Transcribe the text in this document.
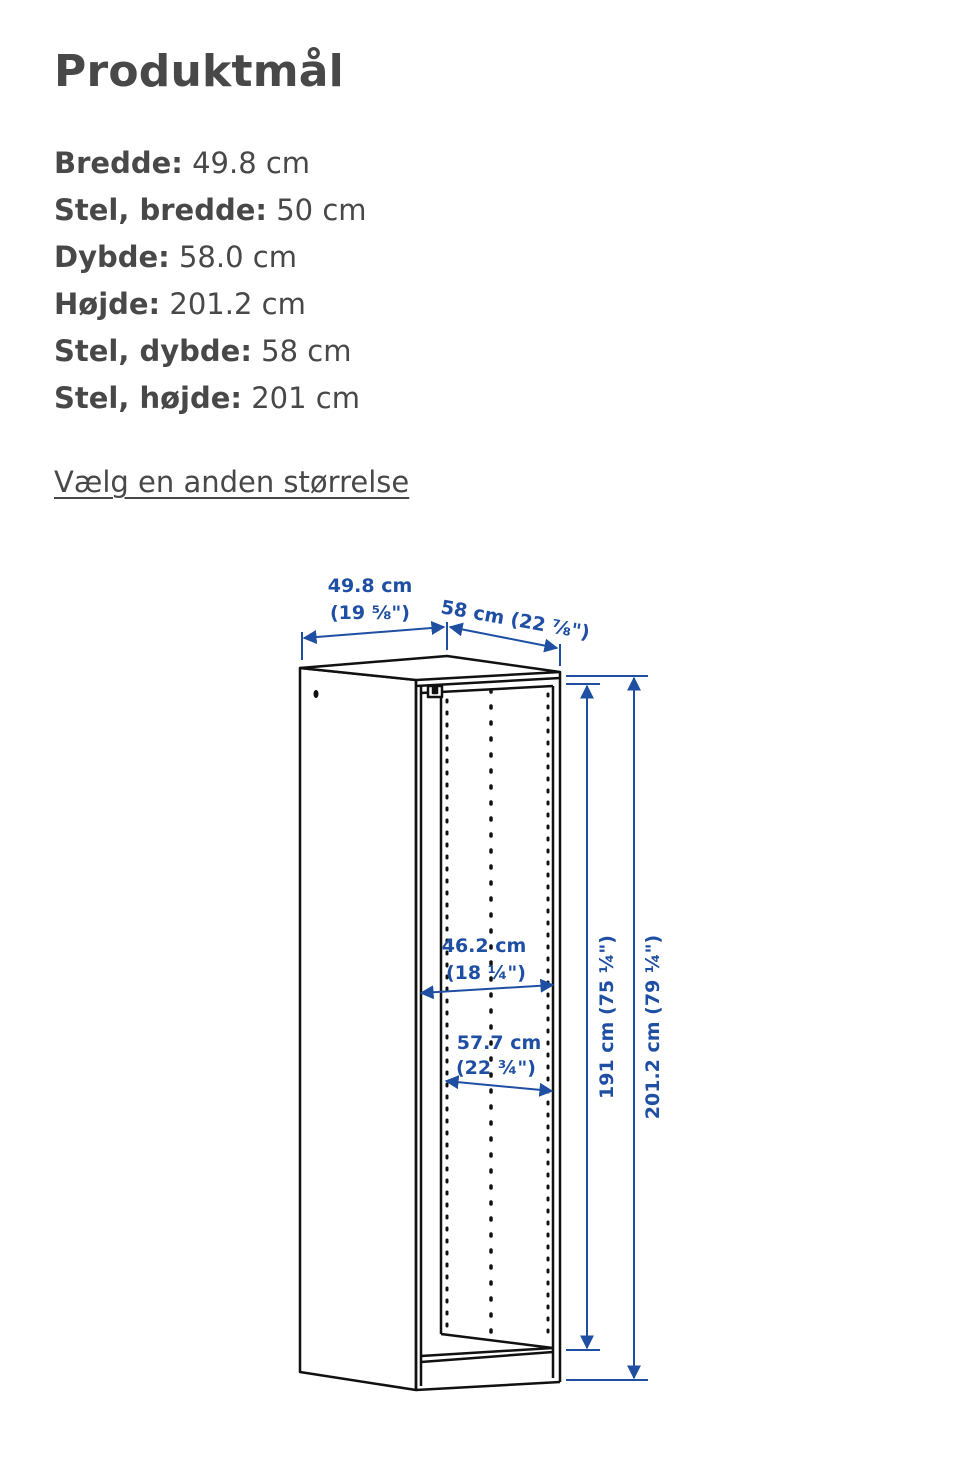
Produktmål
Bredde: 49.8 cm
Stel, bredde: 50 cm
Dybde: 58.0 cm
Højde: 201.2 cm
Stel, dybde: 58 cm
Stel, højde: 201 cm
Vælg en anden størrelse
49.8 cm
(19 ⅝") 58 cm (22 ⅞")
46.2 cm
(18 ¼")
57.7 cm
(22 ¾")	191 cm (75 ¼") 201.2 cm (79 ¼")
